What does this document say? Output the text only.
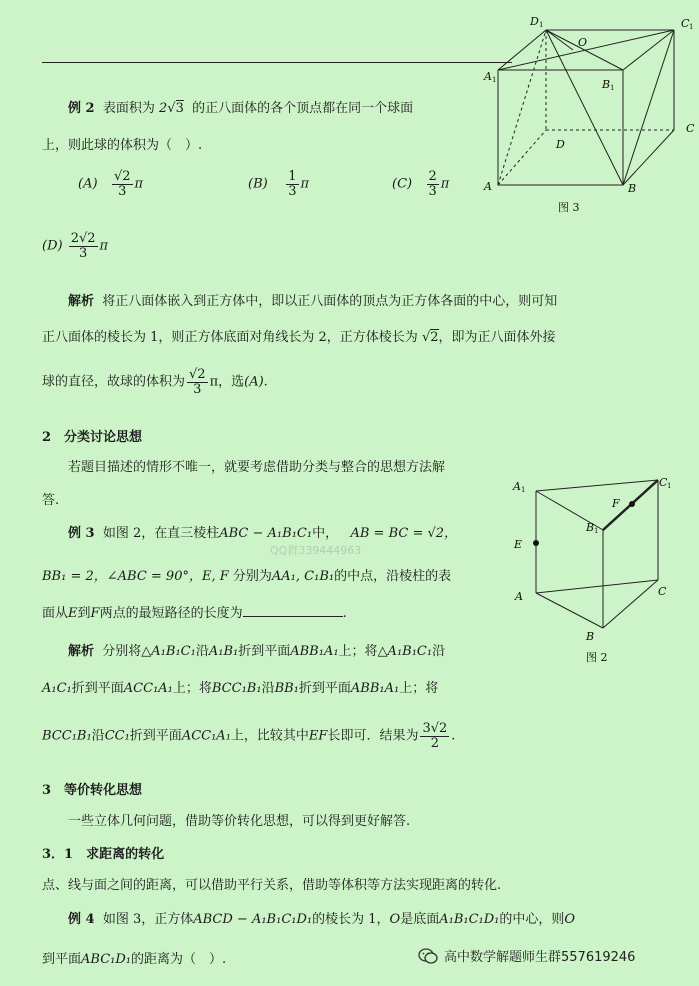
D 1
O
C 1
A 1	B 1
D
C
A	B
图 3
A 1
C 1
F
B 1
E
A	C
B
图 2
例 2 表面积为 2√3 的正八面体的各个顶点都在同一个球面
上，则此球的体积为（　）.
$(A) \frac{√2}{3}$ π	$(B) \frac{1}{3}$ π	$(C) \frac{2}{3}$ π
$(D) \frac{2√2}{3}$ π
解析 将正八面体嵌入到正方体中，即以正八面体的顶点为正方体各面的中心，则可知
正八面体的棱长为 1，则正方体底面对角线长为 2，正方体棱长为 √2，即为正八面体外接
球的直径，故球的体积为 $\frac{√2}{3}$ π，选(A).
2　分类讨论思想
若题目描述的情形不唯一，就要考虑借助分类与整合的思想方法解
答.
例 3 如图 2，在直三棱柱ABC − A₁B₁C₁中， AB = BC = √2，
QQ群339444963
BB₁ = 2，∠ABC = 90°，E, F 分别为AA₁, C₁B₁的中点，沿棱柱的表
面从E到F两点的最短路径的长度为	.
解析 分别将△A₁B₁C₁沿A₁B₁折到平面ABB₁A₁上；将△A₁B₁C₁沿
A₁C₁折到平面ACC₁A₁上；将BCC₁B₁沿BB₁折到平面ABB₁A₁上；将
BCC₁B₁沿CC₁折到平面ACC₁A₁上，比较其中EF长即可．结果为 $\frac{3√2}{2}$ .
3　等价转化思想
一些立体几何问题，借助等价转化思想，可以得到更好解答.
3．1　求距离的转化
点、线与面之间的距离，可以借助平行关系，借助等体积等方法实现距离的转化.
例 4 如图 3，正方体ABCD − A₁B₁C₁D₁的棱长为 1，O是底面A₁B₁C₁D₁的中心，则O
到平面ABC₁D₁的距离为（　）.	高中数学解题师生群557619246
